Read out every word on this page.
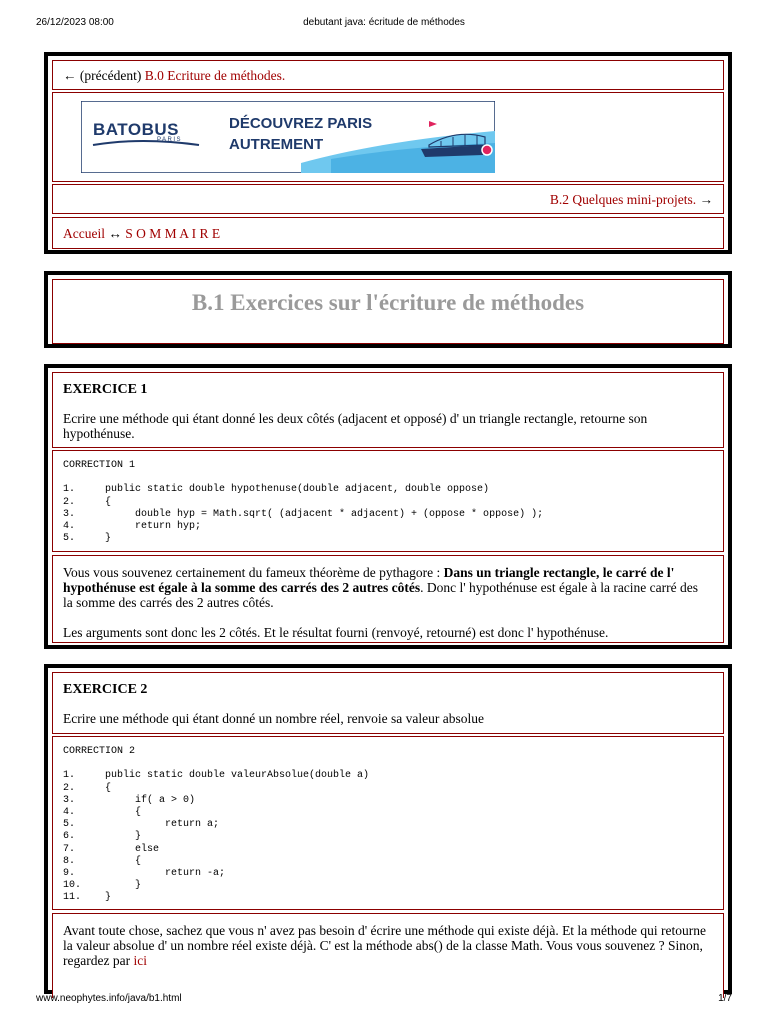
26/12/2023 08:00	debutant java: écritude de méthodes
← (précédent) B.0 Ecriture de méthodes.
BATOBUS
PARIS
DÉCOUVREZ PARIS
AUTREMENT
B.2 Quelques mini-projets. →
Accueil ↔ S O M M A I R E
B.1 Exercices sur l'écriture de méthodes
EXERCICE 1
Ecrire une méthode qui étant donné les deux côtés (adjacent et opposé) d' un triangle rectangle, retourne son hypothénuse.
CORRECTION 1

1.	public static double hypothenuse(double adjacent, double oppose)
2.	{
3.	double hyp = Math.sqrt( (adjacent * adjacent) + (oppose * oppose) );
4.	return hyp;
5.	}
Vous vous souvenez certainement du fameux théorème de pythagore : Dans un triangle rectangle, le carré de l' hypothénuse est égale à la somme des carrés des 2 autres côtés. Donc l' hypothénuse est égale à la racine carré des la somme des carrés des 2 autres côtés.
Les arguments sont donc les 2 côtés. Et le résultat fourni (renvoyé, retourné) est donc l' hypothénuse.
EXERCICE 2
Ecrire une méthode qui étant donné un nombre réel, renvoie sa valeur absolue
CORRECTION 2

1.	public static double valeurAbsolue(double a)
2.	{
3.	if( a > 0)
4.	{
5.	return a;
6.	}
7.	else
8.	{
9.	return -a;
10.     }
11. }
Avant toute chose, sachez que vous n' avez pas besoin d' écrire une méthode qui existe déjà. Et la méthode qui retourne la valeur absolue d' un nombre réel existe déjà. C' est la méthode abs() de la classe Math. Vous vous souvenez ? Sinon, regardez par ici
www.neophytes.info/java/b1.html	1/7
